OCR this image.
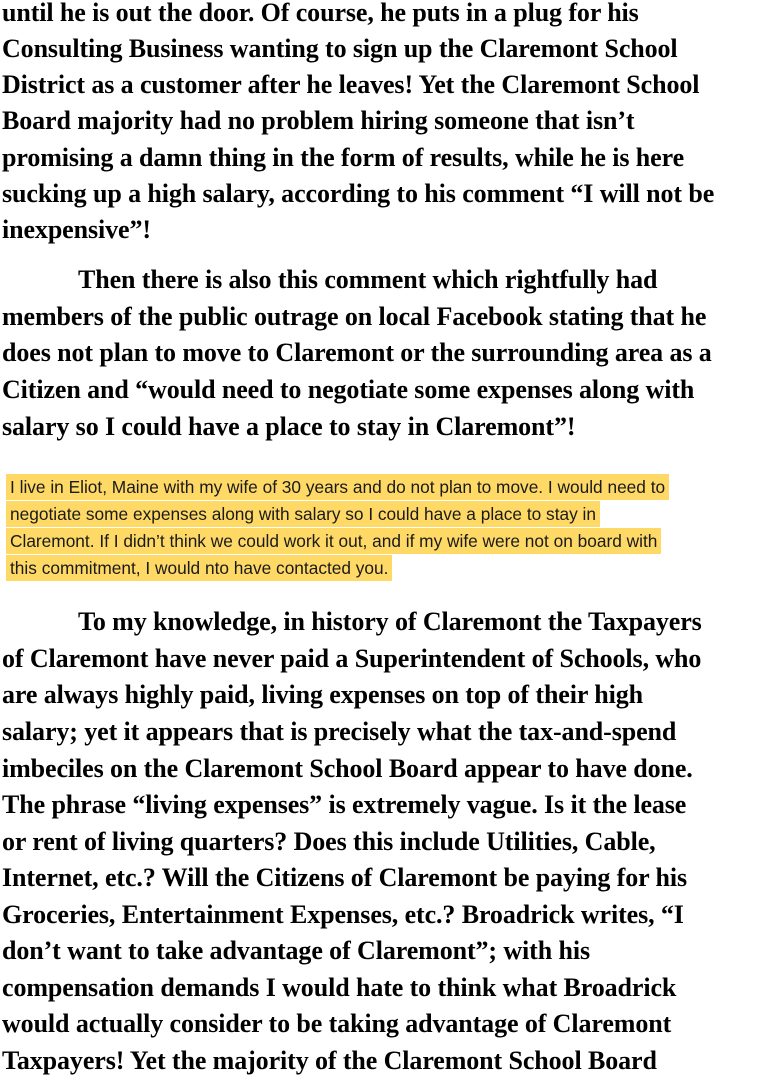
until he is out the door. Of course, he puts in a plug for his
Consulting Business wanting to sign up the Claremont School
District as a customer after he leaves! Yet the Claremont School
Board majority had no problem hiring someone that isn’t
promising a damn thing in the form of results, while he is here
sucking up a high salary, according to his comment “I will not be
inexpensive”!
Then there is also this comment which rightfully had
members of the public outrage on local Facebook stating that he
does not plan to move to Claremont or the surrounding area as a
Citizen and “would need to negotiate some expenses along with
salary so I could have a place to stay in Claremont”!
I live in Eliot, Maine with my wife of 30 years and do not plan to move. I would need to
negotiate some expenses along with salary so I could have a place to stay in
Claremont. If I didn’t think we could work it out, and if my wife were not on board with
this commitment, I would nto have contacted you.
To my knowledge, in history of Claremont the Taxpayers
of Claremont have never paid a Superintendent of Schools, who
are always highly paid, living expenses on top of their high
salary; yet it appears that is precisely what the tax-and-spend
imbeciles on the Claremont School Board appear to have done.
The phrase “living expenses” is extremely vague. Is it the lease
or rent of living quarters? Does this include Utilities, Cable,
Internet, etc.? Will the Citizens of Claremont be paying for his
Groceries, Entertainment Expenses, etc.? Broadrick writes, “I
don’t want to take advantage of Claremont”; with his
compensation demands I would hate to think what Broadrick
would actually consider to be taking advantage of Claremont
Taxpayers! Yet the majority of the Claremont School Board
